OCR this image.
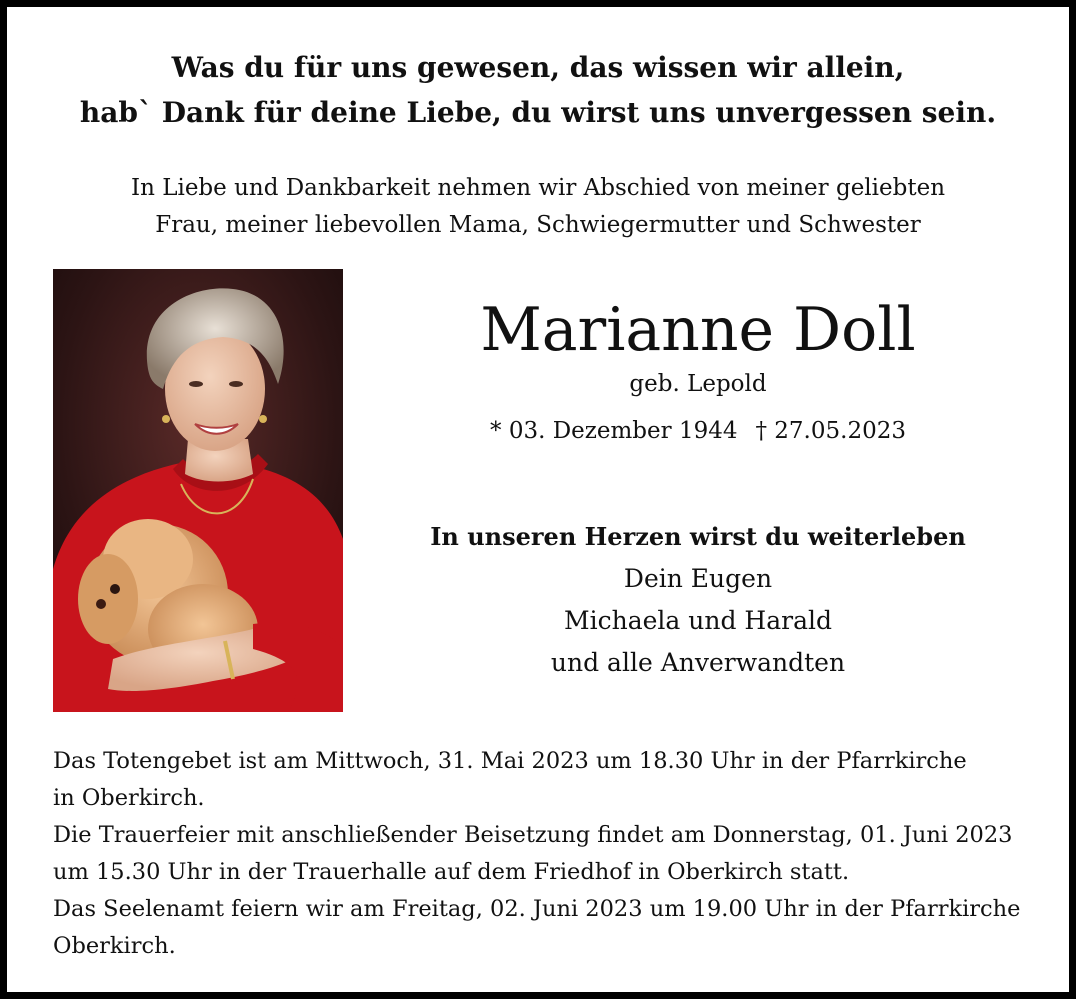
Was du für uns gewesen, das wissen wir allein,
hab` Dank für deine Liebe, du wirst uns unvergessen sein.
In Liebe und Dankbarkeit nehmen wir Abschied von meiner geliebten
Frau, meiner liebevollen Mama, Schwiegermutter und Schwester
Marianne Doll
geb. Lepold
* 03. Dezember 1944 † 27.05.2023
In unseren Herzen wirst du weiterleben
Dein Eugen
Michaela und Harald
und alle Anverwandten
Das Totengebet ist am Mittwoch, 31. Mai 2023 um 18.30 Uhr in der Pfarrkirche
in Oberkirch.
Die Trauerfeier mit anschließender Beisetzung findet am Donnerstag, 01. Juni 2023
um 15.30 Uhr in der Trauerhalle auf dem Friedhof in Oberkirch statt.
Das Seelenamt feiern wir am Freitag, 02. Juni 2023 um 19.00 Uhr in der Pfarrkirche
Oberkirch.
